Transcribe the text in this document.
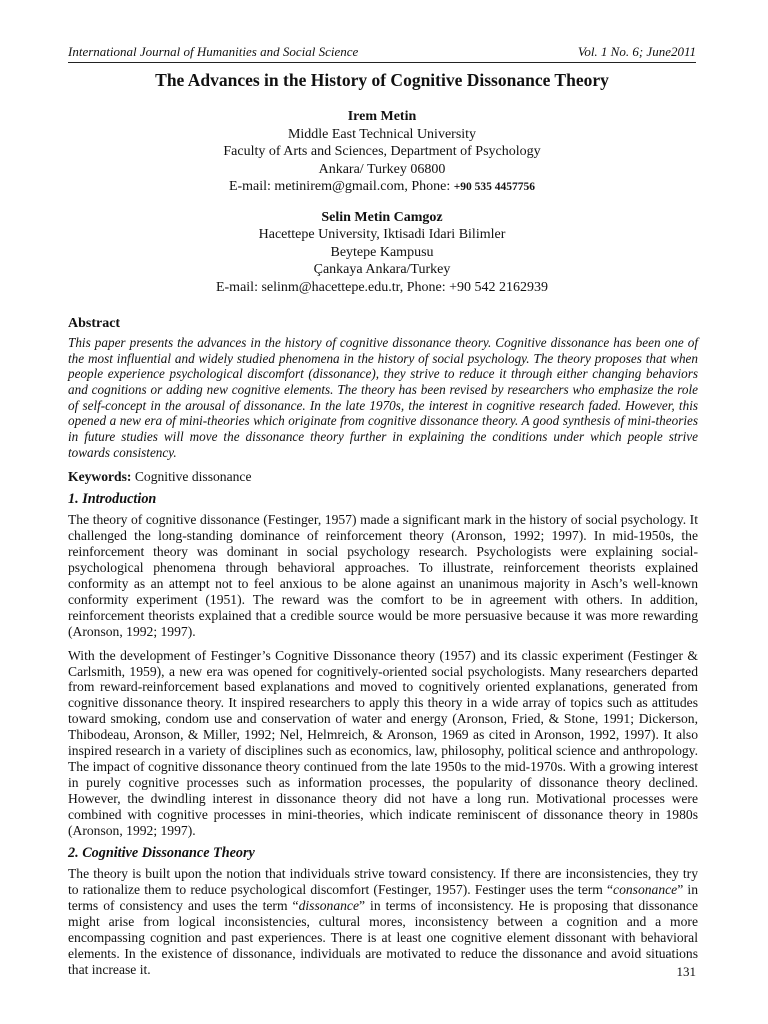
International Journal of Humanities and Social Science	Vol. 1 No. 6; June2011
The Advances in the History of Cognitive Dissonance Theory
Irem Metin
Middle East Technical University
Faculty of Arts and Sciences, Department of Psychology
Ankara/ Turkey 06800
E-mail: metinirem@gmail.com, Phone: +90 535 4457756
Selin Metin Camgoz
Hacettepe University, Iktisadi Idari Bilimler
Beytepe Kampusu
Çankaya Ankara/Turkey
E-mail: selinm@hacettepe.edu.tr, Phone: +90 542 2162939
Abstract

This paper presents the advances in the history of cognitive dissonance theory. Cognitive dissonance has been one of the most influential and widely studied phenomena in the history of social psychology. The theory proposes that when people experience psychological discomfort (dissonance), they strive to reduce it through either changing behaviors and cognitions or adding new cognitive elements. The theory has been revised by researchers who emphasize the role of self-concept in the arousal of dissonance. In the late 1970s, the interest in cognitive research faded. However, this opened a new era of mini-theories which originate from cognitive dissonance theory. A good synthesis of mini-theories in future studies will move the dissonance theory further in explaining the conditions under which people strive towards consistency.

Keywords: Cognitive dissonance

1. Introduction

The theory of cognitive dissonance (Festinger, 1957) made a significant mark in the history of social psychology. It challenged the long-standing dominance of reinforcement theory (Aronson, 1992; 1997). In mid-1950s, the reinforcement theory was dominant in social psychology research. Psychologists were explaining social-psychological phenomena through behavioral approaches. To illustrate, reinforcement theorists explained conformity as an attempt not to feel anxious to be alone against an unanimous majority in Asch’s well-known conformity experiment (1951). The reward was the comfort to be in agreement with others. In addition, reinforcement theorists explained that a credible source would be more persuasive because it was more rewarding (Aronson, 1992; 1997).

With the development of Festinger’s Cognitive Dissonance theory (1957) and its classic experiment (Festinger & Carlsmith, 1959), a new era was opened for cognitively-oriented social psychologists. Many researchers departed from reward-reinforcement based explanations and moved to cognitively oriented explanations, generated from cognitive dissonance theory. It inspired researchers to apply this theory in a wide array of topics such as attitudes toward smoking, condom use and conservation of water and energy (Aronson, Fried, & Stone, 1991; Dickerson, Thibodeau, Aronson, & Miller, 1992; Nel, Helmreich, & Aronson, 1969 as cited in Aronson, 1992, 1997). It also inspired research in a variety of disciplines such as economics, law, philosophy, political science and anthropology. The impact of cognitive dissonance theory continued from the late 1950s to the mid-1970s. With a growing interest in purely cognitive processes such as information processes, the popularity of dissonance theory declined. However, the dwindling interest in dissonance theory did not have a long run. Motivational processes were combined with cognitive processes in mini-theories, which indicate reminiscent of dissonance theory in 1980s (Aronson, 1992; 1997).

2. Cognitive Dissonance Theory

The theory is built upon the notion that individuals strive toward consistency. If there are inconsistencies, they try to rationalize them to reduce psychological discomfort (Festinger, 1957). Festinger uses the term “consonance” in terms of consistency and uses the term “dissonance” in terms of inconsistency. He is proposing that dissonance might arise from logical inconsistencies, cultural mores, inconsistency between a cognition and a more encompassing cognition and past experiences. There is at least one cognitive element dissonant with behavioral elements. In the existence of dissonance, individuals are motivated to reduce the dissonance and avoid situations that increase it.	131
